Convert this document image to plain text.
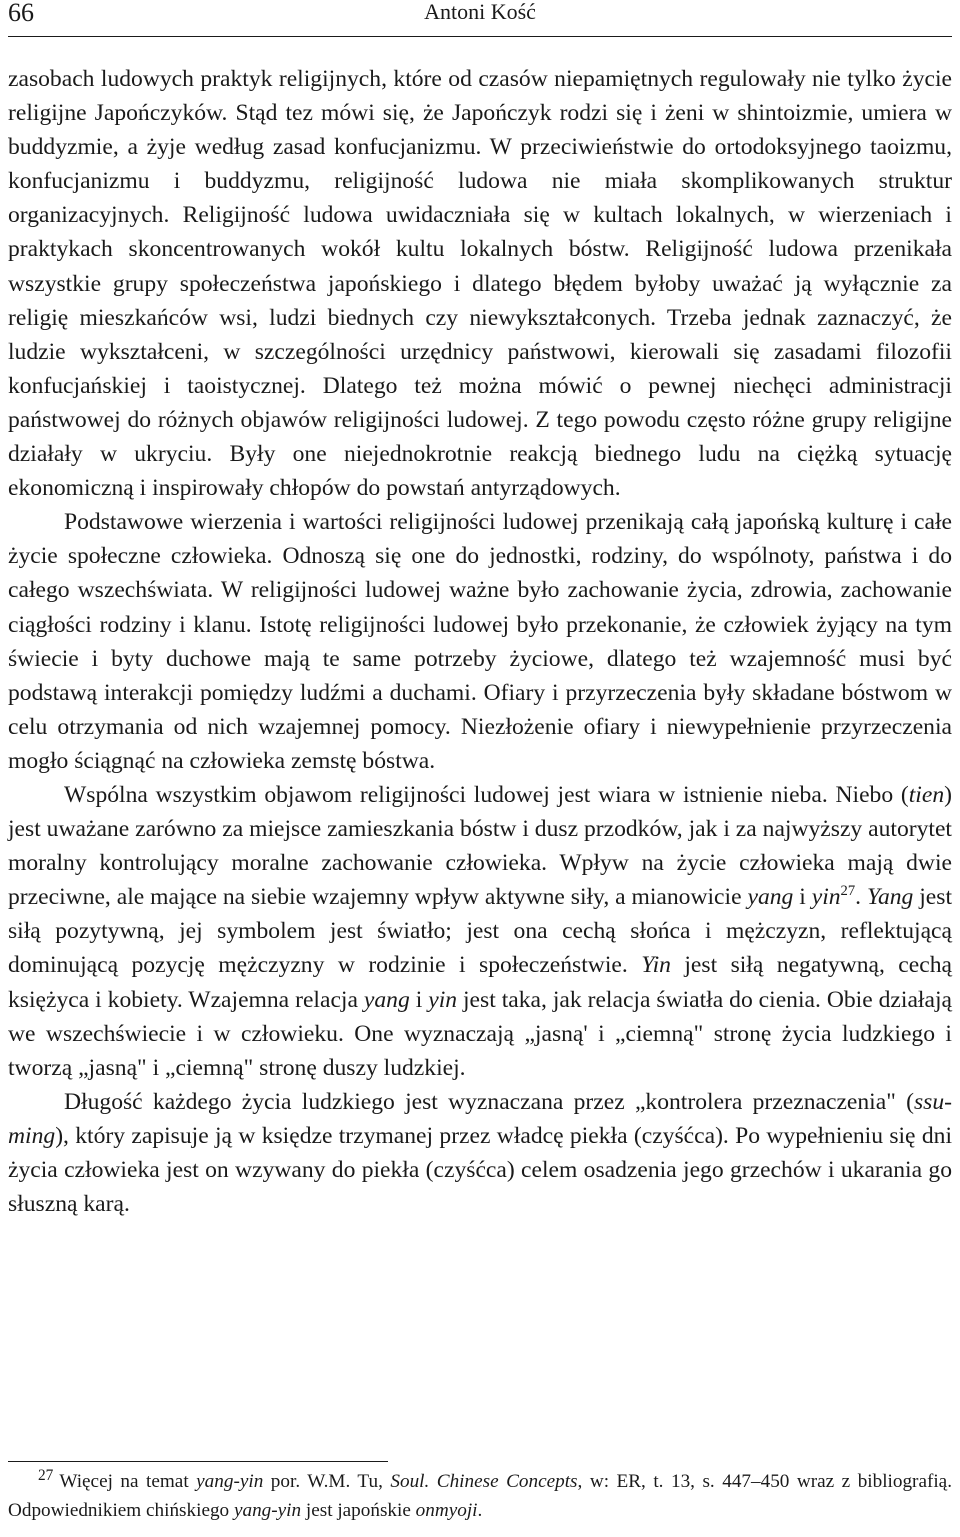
66	Antoni Kość

zasobach ludowych praktyk religijnych, które od czasów niepamiętnych regulowały nie tylko życie religijne Japończyków. Stąd tez mówi się, że Japończyk rodzi się i żeni w shintoizmie, umiera w buddyzmie, a żyje według zasad konfucjanizmu. W przeciwieństwie do ortodoksyjnego taoizmu, konfucjanizmu i buddyzmu, religijność ludowa nie miała skomplikowanych struktur organizacyjnych. Religijność ludowa uwidaczniała się w kultach lokalnych, w wierzeniach i praktykach skoncentrowanych wokół kultu lokalnych bóstw. Religijność ludowa przenikała wszystkie grupy społeczeństwa japońskiego i dlatego błędem byłoby uważać ją wyłącznie za religię mieszkańców wsi, ludzi biednych czy niewykształconych. Trzeba jednak zaznaczyć, że ludzie wykształceni, w szczególności urzędnicy państwowi, kierowali się zasadami filozofii konfucjańskiej i taoistycznej. Dlatego też można mówić o pewnej niechęci administracji państwowej do różnych objawów religijności ludowej. Z tego powodu często różne grupy religijne działały w ukryciu. Były one niejednokrotnie reakcją biednego ludu na ciężką sytuację ekonomiczną i inspirowały chłopów do powstań antyrządowych.

Podstawowe wierzenia i wartości religijności ludowej przenikają całą japońską kulturę i całe życie społeczne człowieka. Odnoszą się one do jednostki, rodziny, do wspólnoty, państwa i do całego wszechświata. W religijności ludowej ważne było zachowanie życia, zdrowia, zachowanie ciągłości rodziny i klanu. Istotę religijności ludowej było przekonanie, że człowiek żyjący na tym świecie i byty duchowe mają te same potrzeby życiowe, dlatego też wzajemność musi być podstawą interakcji pomiędzy ludźmi a duchami. Ofiary i przyrzeczenia były składane bóstwom w celu otrzymania od nich wzajemnej pomocy. Niezłożenie ofiary i niewypełnienie przyrzeczenia mogło ściągnąć na człowieka zemstę bóstwa.

Wspólna wszystkim objawom religijności ludowej jest wiara w istnienie nieba. Niebo (tien) jest uważane zarówno za miejsce zamieszkania bóstw i dusz przodków, jak i za najwyższy autorytet moralny kontrolujący moralne zachowanie człowieka. Wpływ na życie człowieka mają dwie przeciwne, ale mające na siebie wzajemny wpływ aktywne siły, a mianowicie yang i yin$^{27}$. Yang jest siłą pozytywną, jej symbolem jest światło; jest ona cechą słońca i mężczyzn, reflektującą dominującą pozycję mężczyzny w rodzinie i społeczeństwie. Yin jest siłą negatywną, cechą księżyca i kobiety. Wzajemna relacja yang i yin jest taka, jak relacja światła do cienia. Obie działają we wszechświecie i w człowieku. One wyznaczają „jasną' i „ciemną" stronę życia ludzkiego i tworzą „jasną" i „ciemną" stronę duszy ludzkiej.

Długość każdego życia ludzkiego jest wyznaczana przez „kontrolera przeznaczenia" (ssu-ming), który zapisuje ją w księdze trzymanej przez władcę piekła (czyśćca). Po wypełnieniu się dni życia człowieka jest on wzywany do piekła (czyśćca) celem osadzenia jego grzechów i ukarania go słuszną karą.

$^{27}$ Więcej na temat yang-yin por. W.M. Tu, Soul. Chinese Concepts, w: ER, t. 13, s. 447–450 wraz z bibliografią. Odpowiednikiem chińskiego yang-yin jest japońskie onmyoji.
